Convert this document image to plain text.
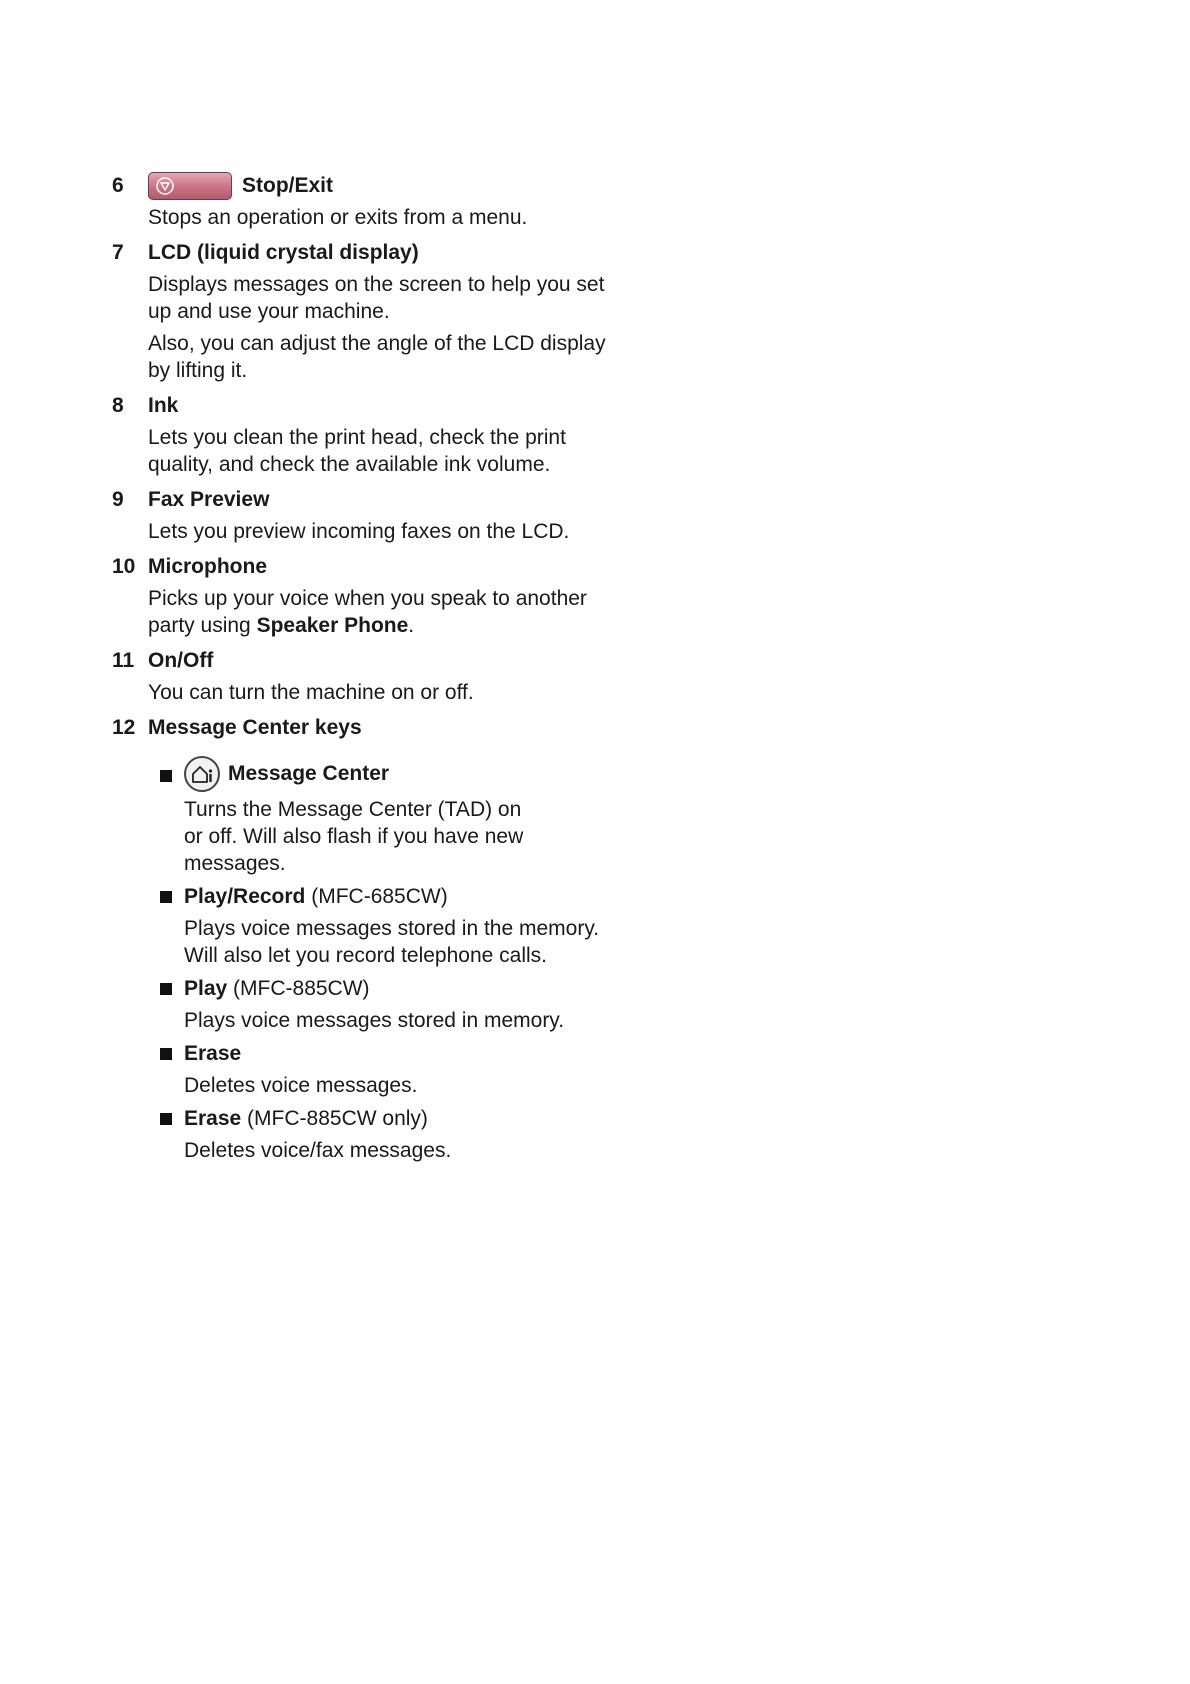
6	Stop/Exit

Stops an operation or exits from a menu.

7 LCD (liquid crystal display)

Displays messages on the screen to help you set up and use your machine.

Also, you can adjust the angle of the LCD display by lifting it.

8 Ink

Lets you clean the print head, check the print quality, and check the available ink volume.

9 Fax Preview

Lets you preview incoming faxes on the LCD.

10 Microphone

Picks up your voice when you speak to another party using Speaker Phone.

11 On/Off

You can turn the machine on or off.

12 Message Center keys
Message Center
Turns the Message Center (TAD) on or off. Will also flash if you have new messages.
Play/Record (MFC-685CW)
Plays voice messages stored in the memory. Will also let you record telephone calls.
Play (MFC-885CW)
Plays voice messages stored in memory.
Erase
Deletes voice messages.
Erase (MFC-885CW only)
Deletes voice/fax messages.
